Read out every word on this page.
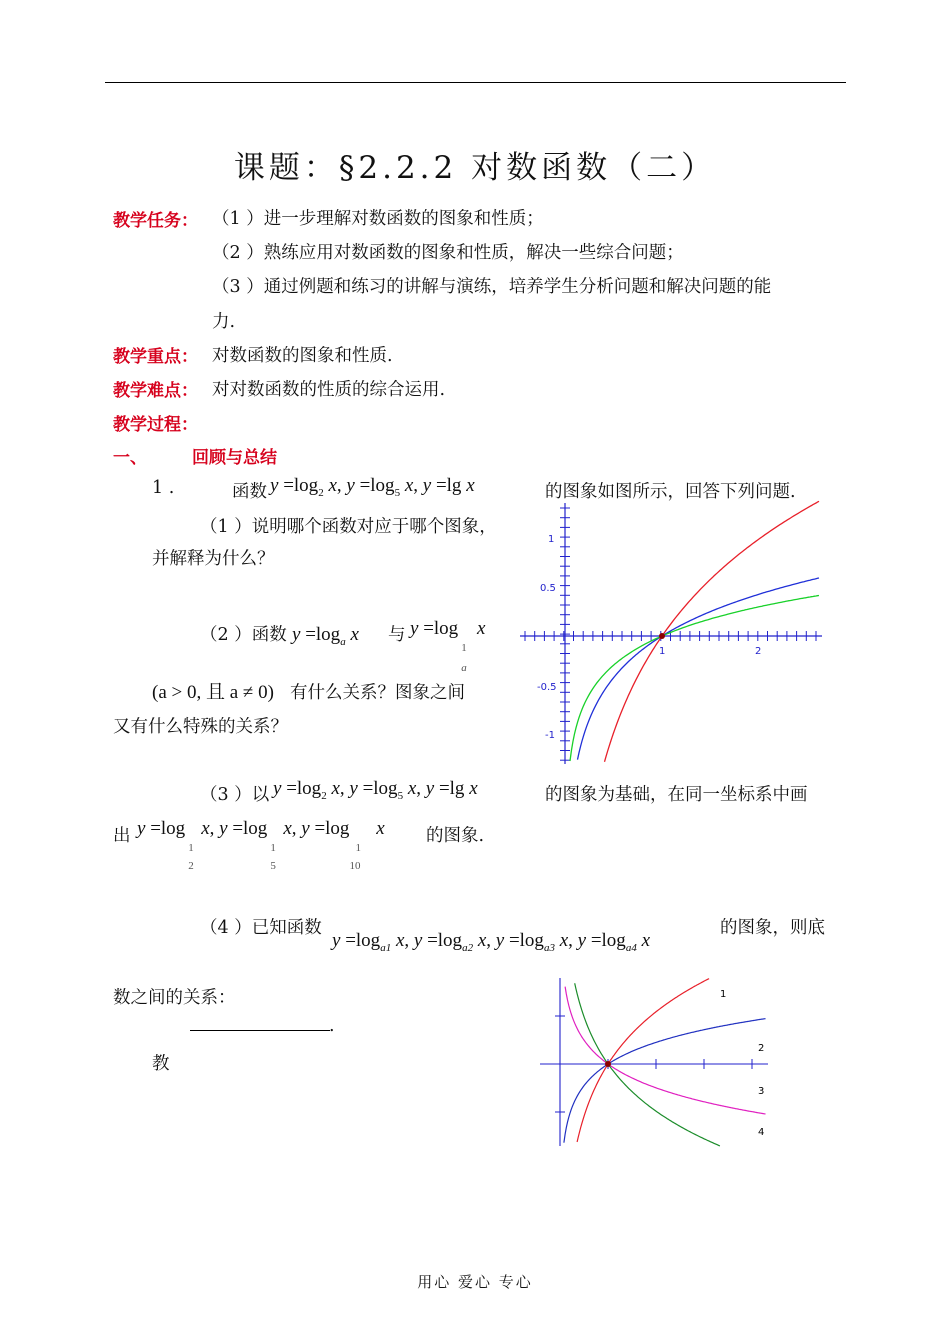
课题：§2.2.2 对数函数（二）
教学任务： （1 ）进一步理解对数函数的图象和性质；
（2 ）熟练应用对数函数的图象和性质，解决一些综合问题；
（3 ）通过例题和练习的讲解与演练，培养学生分析问题和解决问题的能
力.
教学重点： 对数函数的图象和性质.
教学难点： 对对数函数的性质的综合运用.
教学过程：
一、	回顾与总结
1 .	函数 $y =\log_2$ x, $y =\log_5$ x, y =lg x	的图象如图所示，回答下列问题.
（1 ）说明哪个函数对应于哪个图象，
并解释为什么？
（2 ）函数 $y =\log_a$ x 与 y =log
1
a
x
(a > 0, 且 a ≠ 0) 有什么关系？图象之间
又有什么特殊的关系？
（3 ）以 $y =\log_2$ x, $y =\log_5$ x, y =lg x	的图象为基础，在同一坐标系中画
出 y =log
1
2
x, y =log
1
5
x, y =log
1
10
x 的图象.
（4 ）已知函数
$y =\log_{a1}$ x, $y =\log_{a2}$ x, $y =\log_{a3}$ x, $y =\log_{a4}$ x
的图象，则底
数之间的关系：
.
教
1	2
1
0.5
-0.5
-1
1
2
3
4
用心 爱心 专心
